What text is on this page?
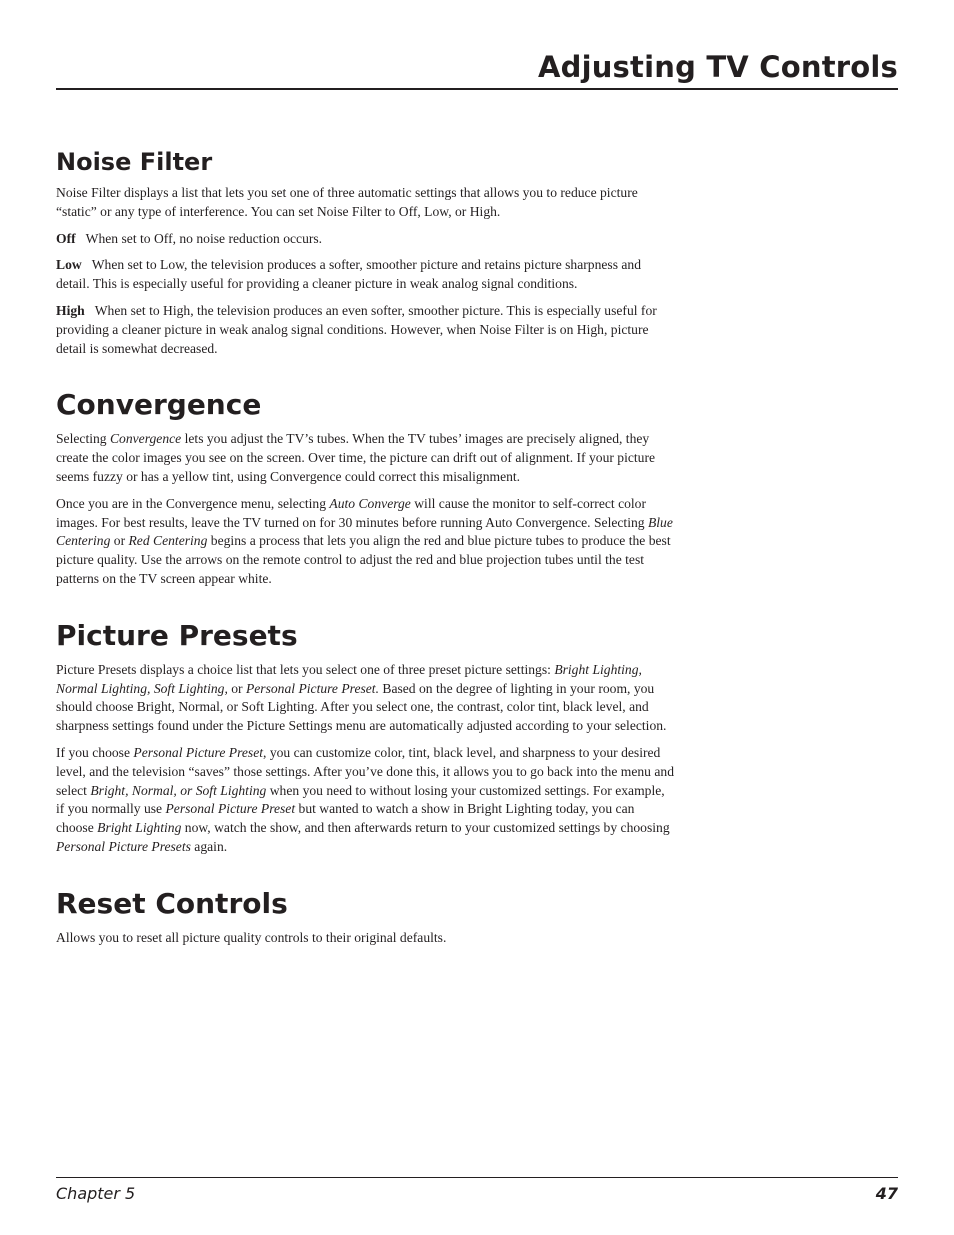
Adjusting TV Controls
Noise Filter

Noise Filter displays a list that lets you set one of three automatic settings that allows you to reduce picture “static” or any type of interference. You can set Noise Filter to Off, Low, or High.

Off When set to Off, no noise reduction occurs.

Low When set to Low, the television produces a softer, smoother picture and retains picture sharpness and detail. This is especially useful for providing a cleaner picture in weak analog signal conditions.

High When set to High, the television produces an even softer, smoother picture. This is especially useful for providing a cleaner picture in weak analog signal conditions. However, when Noise Filter is on High, picture detail is somewhat decreased.

Convergence

Selecting Convergence lets you adjust the TV’s tubes. When the TV tubes’ images are precisely aligned, they create the color images you see on the screen. Over time, the picture can drift out of alignment. If your picture seems fuzzy or has a yellow tint, using Convergence could correct this misalignment.

Once you are in the Convergence menu, selecting Auto Converge will cause the monitor to self-correct color images. For best results, leave the TV turned on for 30 minutes before running Auto Convergence. Selecting Blue Centering or Red Centering begins a process that lets you align the red and blue picture tubes to produce the best picture quality. Use the arrows on the remote control to adjust the red and blue projection tubes until the test patterns on the TV screen appear white.

Picture Presets

Picture Presets displays a choice list that lets you select one of three preset picture settings: Bright Lighting, Normal Lighting, Soft Lighting, or Personal Picture Preset. Based on the degree of lighting in your room, you should choose Bright, Normal, or Soft Lighting. After you select one, the contrast, color tint, black level, and sharpness settings found under the Picture Settings menu are automatically adjusted according to your selection.

If you choose Personal Picture Preset, you can customize color, tint, black level, and sharpness to your desired level, and the television “saves” those settings. After you’ve done this, it allows you to go back into the menu and select Bright, Normal, or Soft Lighting when you need to without losing your customized settings. For example, if you normally use Personal Picture Preset but wanted to watch a show in Bright Lighting today, you can choose Bright Lighting now, watch the show, and then afterwards return to your customized settings by choosing Personal Picture Presets again.

Reset Controls

Allows you to reset all picture quality controls to their original defaults.

Chapter 5	47
